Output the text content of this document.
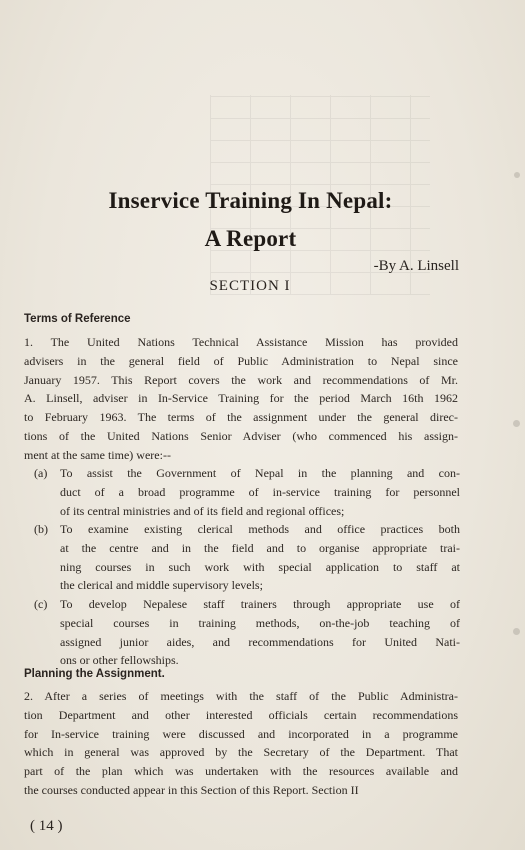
Inservice Training In Nepal:
A Report
-By A. Linsell
SECTION I
Terms of Reference
1. The United Nations Technical Assistance Mission has provided
advisers in the general field of Public Administration to Nepal since
January 1957. This Report covers the work and recommendations of Mr.
A. Linsell, adviser in In-Service Training for the period March 16th 1962
to February 1963. The terms of the assignment under the general direc-
tions of the United Nations Senior Adviser (who commenced his assign-
ment at the same time) were:--
(a)	To assist the Government of Nepal in the planning and con-
duct of a broad programme of in-service training for personnel
of its central ministries and of its field and regional offices;
(b)	To examine existing clerical methods and office practices both
at the centre and in the field and to organise appropriate trai-
ning courses in such work with special application to staff at
the clerical and middle supervisory levels;
(c)	To develop Nepalese staff trainers through appropriate use of
special courses in training methods, on-the-job teaching of
assigned junior aides, and recommendations for United Nati-
ons or other fellowships.
Planning the Assignment.
2. After a series of meetings with the staff of the Public Administra-
tion Department and other interested officials certain recommendations
for In-service training were discussed and incorporated in a programme
which in general was approved by the Secretary of the Department. That
part of the plan which was undertaken with the resources available and
the courses conducted appear in this Section of this Report. Section II
( 14 )
